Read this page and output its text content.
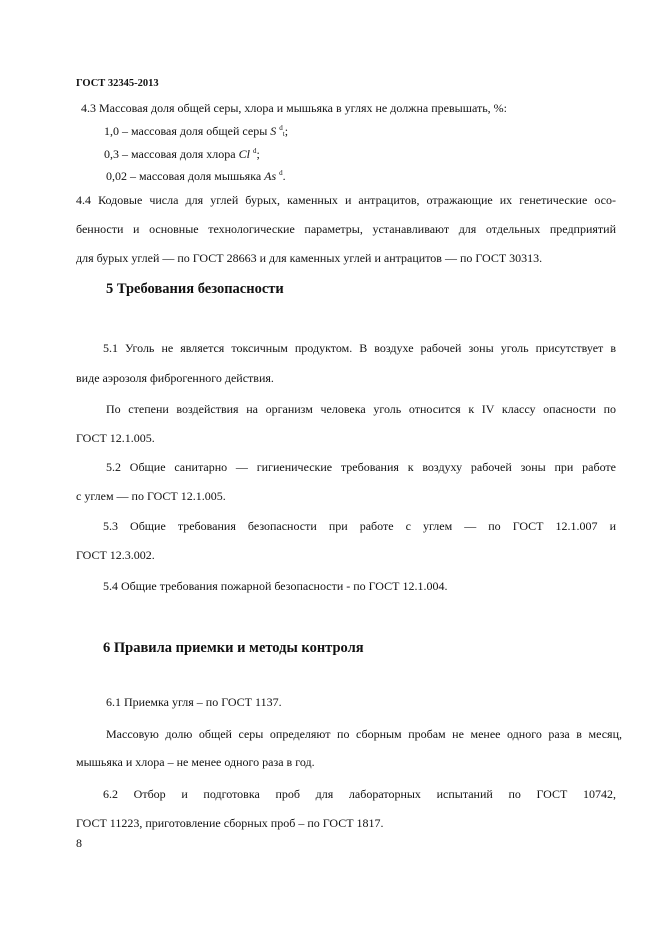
ГОСТ 32345-2013
4.3 Массовая доля общей серы, хлора и мышьяка в углях не должна превышать, %:
1,0 – массовая доля общей серы S $^d_t$;
0,3 – массовая доля хлора Cl $^d$;
0,02 – массовая доля мышьяка As $^d$.
4.4 Кодовые числа для углей бурых, каменных и антрацитов, отражающие их генетические осо-
бенности и основные технологические параметры, устанавливают для отдельных предприятий
для бурых углей — по ГОСТ 28663 и для каменных углей и антрацитов — по ГОСТ 30313.
5 Требования безопасности
5.1 Уголь не является токсичным продуктом. В воздухе рабочей зоны уголь присутствует в
виде аэрозоля фиброгенного действия.
По степени воздействия на организм человека уголь относится к IV классу опасности по
ГОСТ 12.1.005.
5.2 Общие санитарно — гигиенические требования к воздуху рабочей зоны при работе
с углем — по ГОСТ 12.1.005.
5.3 Общие требования безопасности при работе с углем — по ГОСТ 12.1.007 и
ГОСТ 12.3.002.
5.4 Общие требования пожарной безопасности - по ГОСТ 12.1.004.
6 Правила приемки и методы контроля
6.1 Приемка угля – по ГОСТ 1137.
Массовую долю общей серы определяют по сборным пробам не менее одного раза в месяц,
мышьяка и хлора – не менее одного раза в год.
6.2 Отбор и подготовка проб для лабораторных испытаний по ГОСТ 10742,
ГОСТ 11223, приготовление сборных проб – по ГОСТ 1817.
8
